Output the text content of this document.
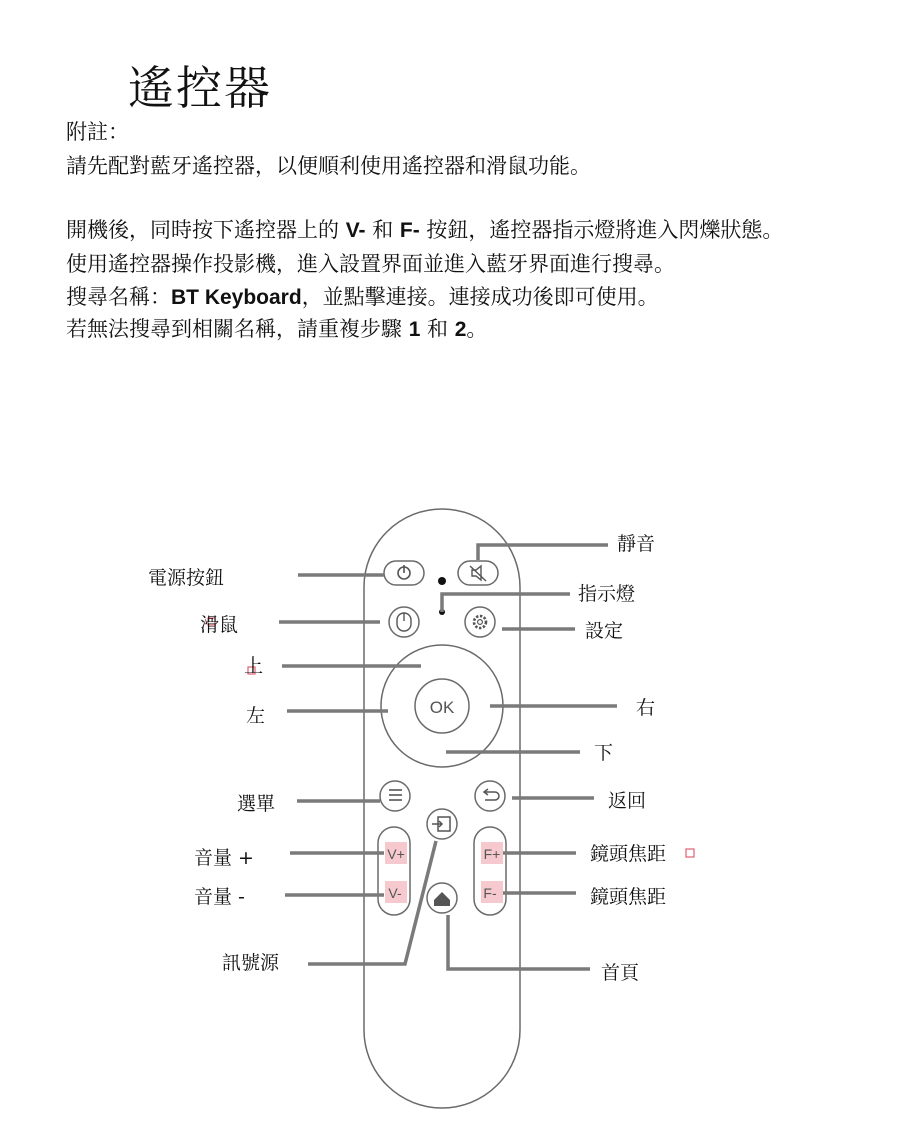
遙控器
附註：
請先配對藍牙遙控器，以便順利使用遙控器和滑鼠功能。
開機後，同時按下遙控器上的 V- 和 F- 按鈕，遙控器指示燈將進入閃爍狀態。
使用遙控器操作投影機，進入設置界面並進入藍牙界面進行搜尋。
搜尋名稱：BT Keyboard，並點擊連接。連接成功後即可使用。
若無法搜尋到相關名稱，請重複步驟 1 和 2。
OK
V+
V-
F+
F-
靜音
電源按鈕
指示燈
滑鼠	設定
上
左	右
下
選單	返回
音量 +
音量 -
鏡頭焦距
鏡頭焦距
訊號源	首頁
